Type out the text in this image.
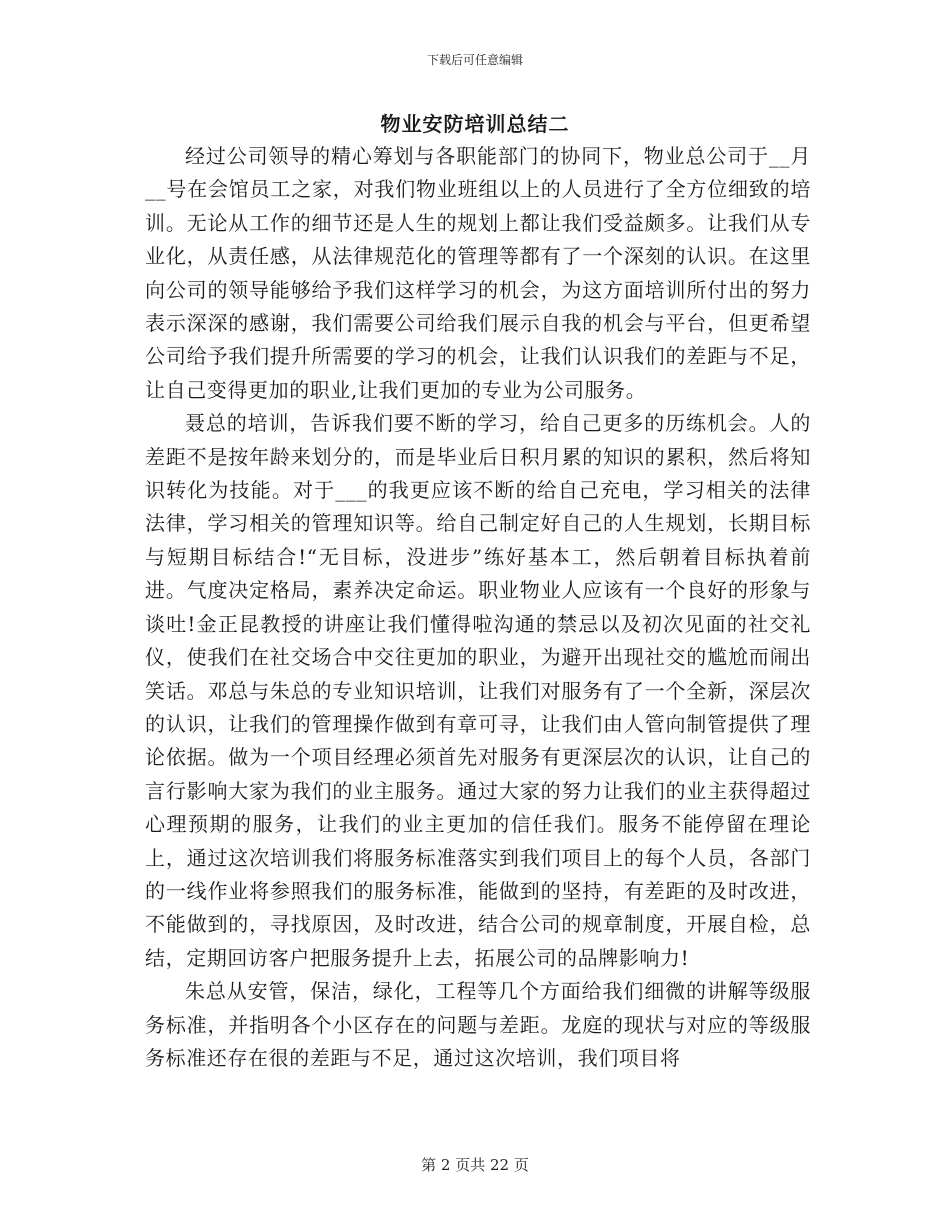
下载后可任意编辑
物业安防培训总结二

经过公司领导的精心筹划与各职能部门的协同下，物业总公司于__月__号在会馆员工之家，对我们物业班组以上的人员进行了全方位细致的培训。无论从工作的细节还是人生的规划上都让我们受益颇多。让我们从专业化，从责任感，从法律规范化的管理等都有了一个深刻的认识。在这里向公司的领导能够给予我们这样学习的机会，为这方面培训所付出的努力表示深深的感谢，我们需要公司给我们展示自我的机会与平台，但更希望公司给予我们提升所需要的学习的机会，让我们认识我们的差距与不足，让自己变得更加的职业,让我们更加的专业为公司服务。

聂总的培训，告诉我们要不断的学习，给自己更多的历练机会。人的差距不是按年龄来划分的，而是毕业后日积月累的知识的累积，然后将知识转化为技能。对于___的我更应该不断的给自己充电，学习相关的法律法律，学习相关的管理知识等。给自己制定好自己的人生规划，长期目标与短期目标结合!“无目标，没进步”练好基本工，然后朝着目标执着前进。气度决定格局，素养决定命运。职业物业人应该有一个良好的形象与谈吐!金正昆教授的讲座让我们懂得啦沟通的禁忌以及初次见面的社交礼仪，使我们在社交场合中交往更加的职业，为避开出现社交的尴尬而闹出笑话。邓总与朱总的专业知识培训，让我们对服务有了一个全新，深层次的认识，让我们的管理操作做到有章可寻，让我们由人管向制管提供了理论依据。做为一个项目经理必须首先对服务有更深层次的认识，让自己的言行影响大家为我们的业主服务。通过大家的努力让我们的业主获得超过心理预期的服务，让我们的业主更加的信任我们。服务不能停留在理论上，通过这次培训我们将服务标准落实到我们项目上的每个人员，各部门的一线作业将参照我们的服务标准，能做到的坚持，有差距的及时改进，不能做到的，寻找原因，及时改进，结合公司的规章制度，开展自检，总结，定期回访客户把服务提升上去，拓展公司的品牌影响力!

朱总从安管，保洁，绿化，工程等几个方面给我们细微的讲解等级服务标准，并指明各个小区存在的问题与差距。龙庭的现状与对应的等级服务标准还存在很的差距与不足，通过这次培训，我们项目将

第 2 页共 22 页
